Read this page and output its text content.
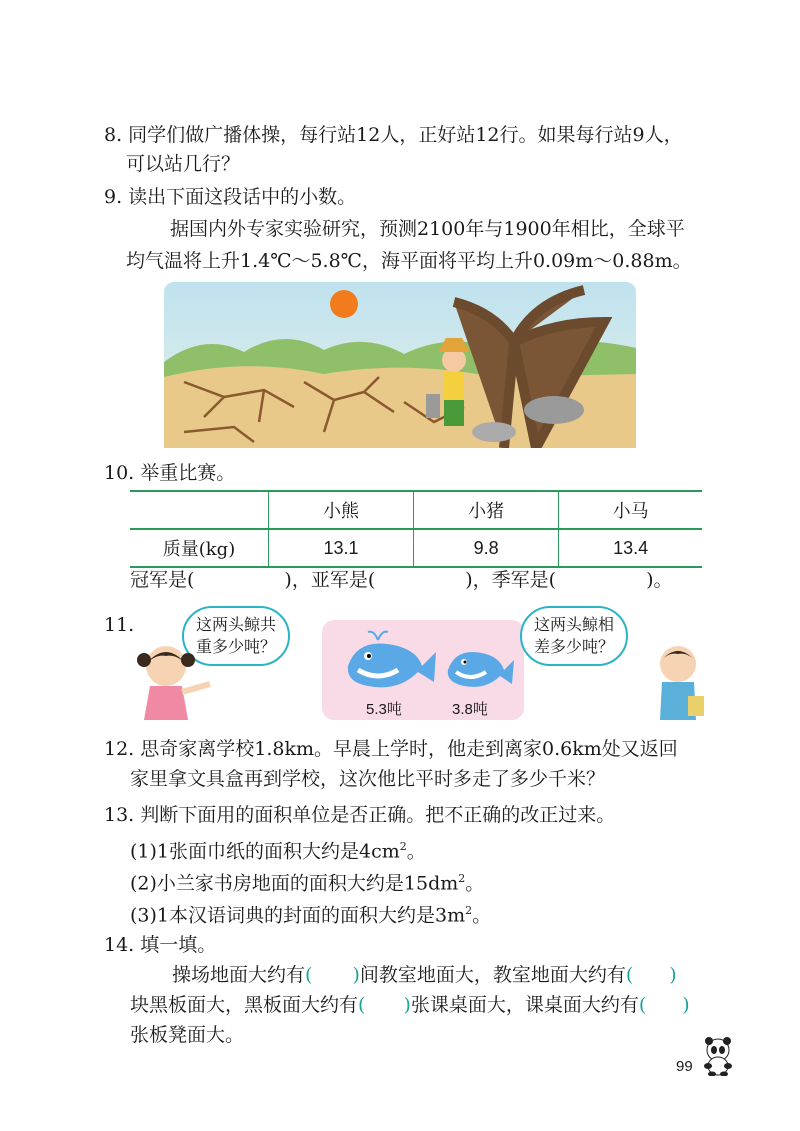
8. 同学们做广播体操，每行站12人，正好站12行。如果每行站9人，
可以站几行？
9. 读出下面这段话中的小数。
据国内外专家实验研究，预测2100年与1900年相比，全球平
均气温将上升1.4℃～5.8℃，海平面将平均上升0.09m～0.88m。
10. 举重比赛。
	小熊	小猪	小马
质量(kg)	13.1	9.8	13.4
冠军是(	)，亚军是(	)，季军是(	)。
11.	这两头鲸共
重多少吨？
5.3吨	3.8吨
这两头鲸相
差多少吨？
12. 思奇家离学校1.8km。早晨上学时，他走到离家0.6km处又返回
家里拿文具盒再到学校，这次他比平时多走了多少千米？
13. 判断下面用的面积单位是否正确。把不正确的改正过来。
(1)1张面巾纸的面积大约是$4cm^2$。
(2)小兰家书房地面的面积大约是$15dm^2$。
(3)1本汉语词典的封面的面积大约是$3m^2$。
14. 填一填。
操场地面大约有( )间教室地面大，教室地面大约有( )
块黑板面大，黑板面大约有( )张课桌面大，课桌面大约有( )
张板凳面大。
99
